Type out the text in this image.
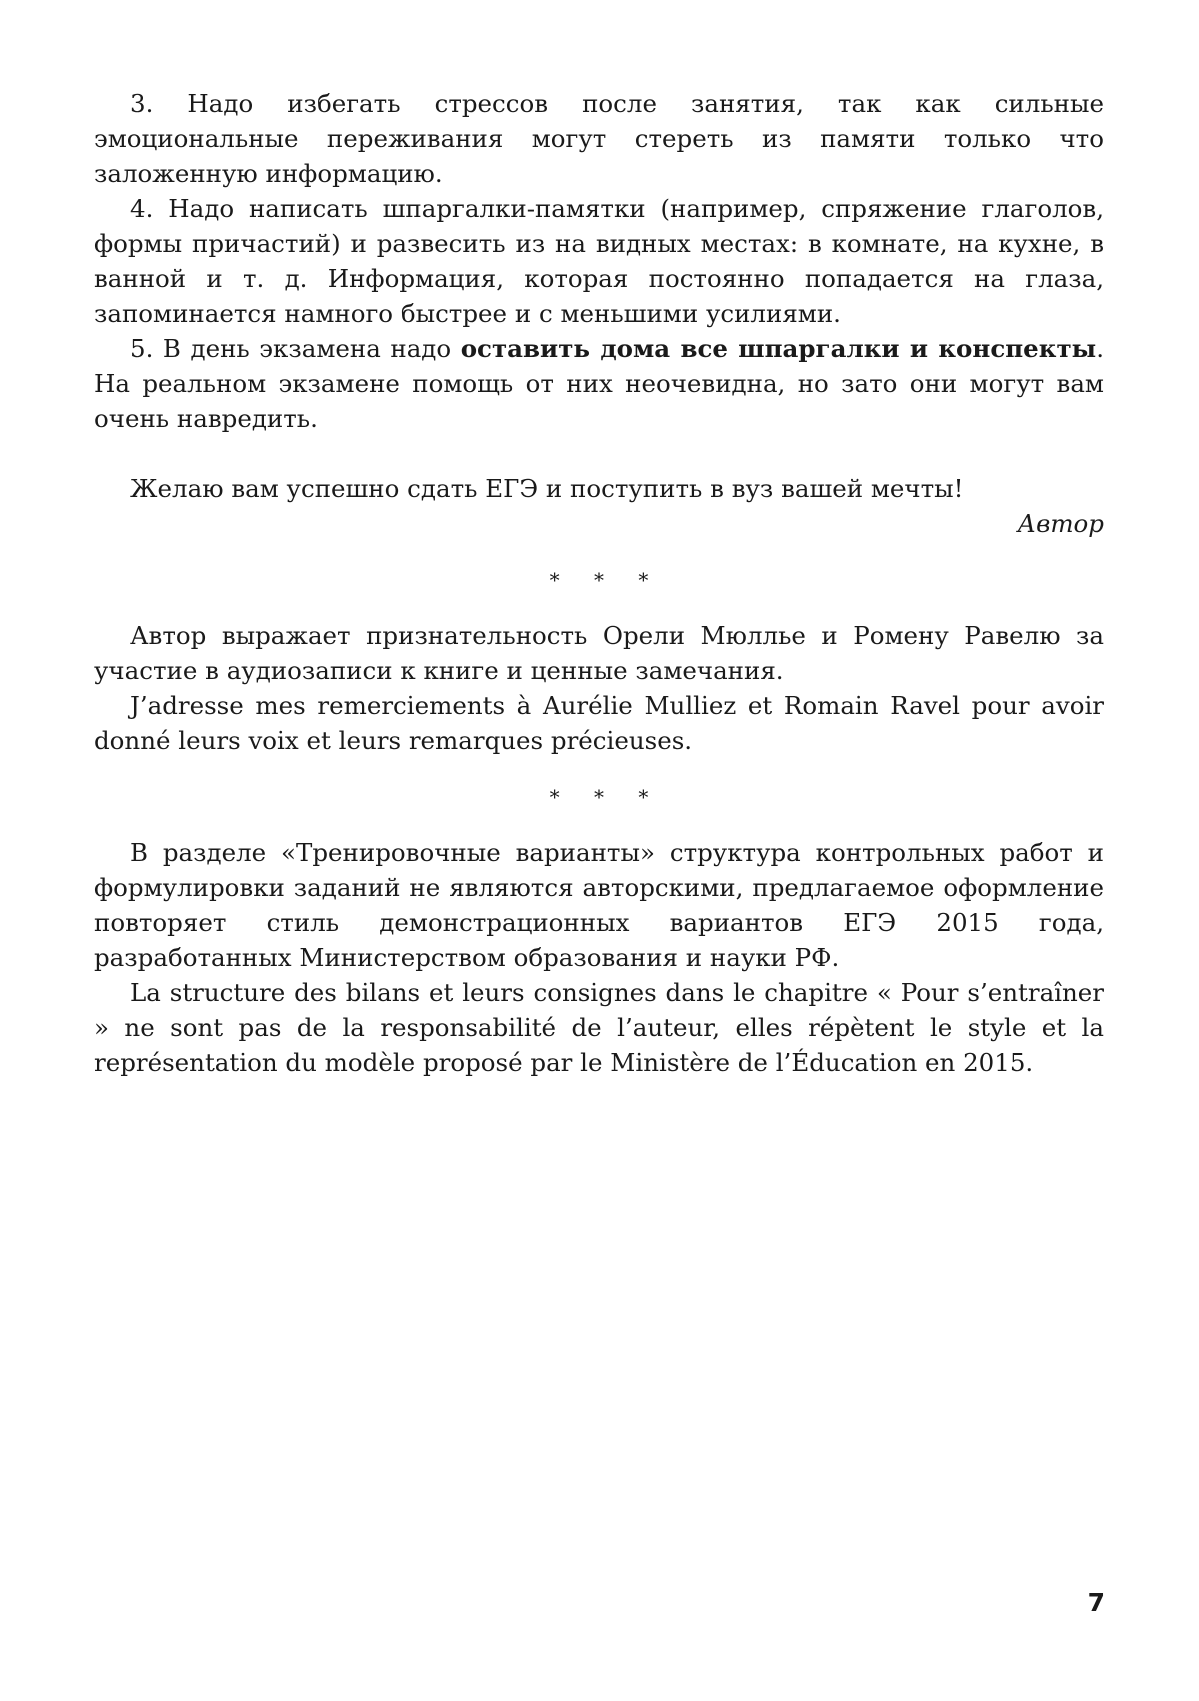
3. Надо избегать стрессов после занятия, так как сильные эмоциональные переживания могут стереть из памяти только что заложенную информацию.

4. Надо написать шпаргалки-памятки (например, спряжение глаголов, формы причастий) и развесить из на видных местах: в комнате, на кухне, в ванной и т. д. Информация, которая постоянно попадается на глаза, запоминается намного быстрее и с меньшими усилиями.

5. В день экзамена надо оставить дома все шпаргалки и конспекты. На реальном экзамене помощь от них неочевидна, но зато они могут вам очень навредить.

Желаю вам успешно сдать ЕГЭ и поступить в вуз вашей мечты!

Автор
* * *

Автор выражает признательность Орели Мюлльe и Ромену Равелю за участие в аудиозаписи к книге и ценные замечания.

J’adresse mes remerciements à Aurélie Mulliez et Romain Ravel pour avoir donné leurs voix et leurs remarques précieuses.

* * *

В разделе «Тренировочные варианты» структура контрольных работ и формулировки заданий не являются авторскими, предлагаемое оформление повторяет стиль демонстрационных вариантов ЕГЭ 2015 года, разработанных Министерством образования и науки РФ.

La structure des bilans et leurs consignes dans le chapitre « Pour s’entraîner » ne sont pas de la responsabilité de l’auteur, elles répètent le style et la représentation du modèle proposé par le Ministère de l’Éducation en 2015.

7
